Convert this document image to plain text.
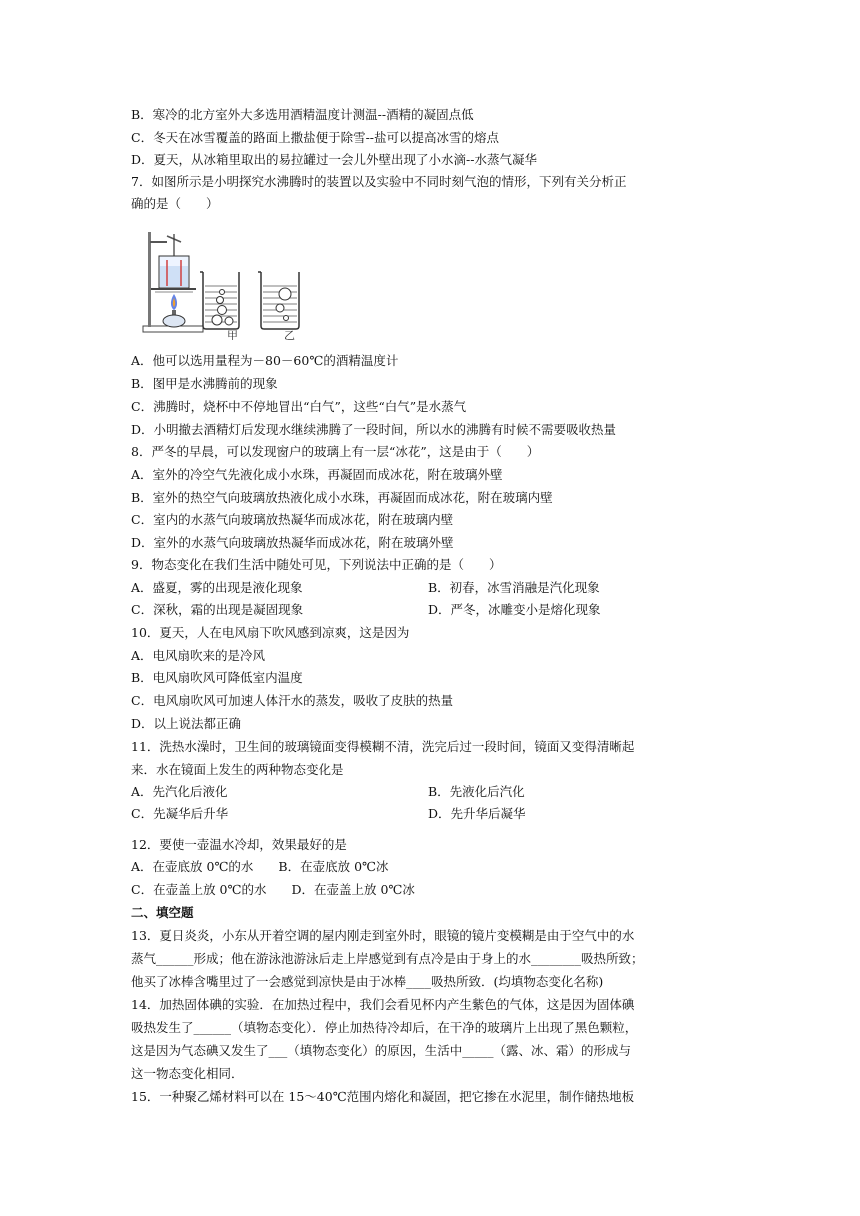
B．寒冷的北方室外大多选用酒精温度计测温--酒精的凝固点低
C．冬天在冰雪覆盖的路面上撒盐便于除雪--盐可以提高冰雪的熔点
D．夏天，从冰箱里取出的易拉罐过一会儿外壁出现了小水滴--水蒸气凝华
7．如图所示是小明探究水沸腾时的装置以及实验中不同时刻气泡的情形，下列有关分析正
确的是（　　）
甲	乙
A．他可以选用量程为－80－60℃的酒精温度计
B．图甲是水沸腾前的现象
C．沸腾时，烧杯中不停地冒出“白气”，这些“白气”是水蒸气
D．小明撤去酒精灯后发现水继续沸腾了一段时间，所以水的沸腾有时候不需要吸收热量
8．严冬的早晨，可以发现窗户的玻璃上有一层“冰花”，这是由于（　　）
A．室外的冷空气先液化成小水珠，再凝固而成冰花，附在玻璃外壁
B．室外的热空气向玻璃放热液化成小水珠，再凝固而成冰花，附在玻璃内壁
C．室内的水蒸气向玻璃放热凝华而成冰花，附在玻璃内壁
D．室外的水蒸气向玻璃放热凝华而成冰花，附在玻璃外壁
9．物态变化在我们生活中随处可见，下列说法中正确的是（　　）
A．盛夏，雾的出现是液化现象	B．初春，冰雪消融是汽化现象
C．深秋，霜的出现是凝固现象	D．严冬，冰雕变小是熔化现象
10．夏天，人在电风扇下吹风感到凉爽，这是因为
A．电风扇吹来的是冷风
B．电风扇吹风可降低室内温度
C．电风扇吹风可加速人体汗水的蒸发，吸收了皮肤的热量
D．以上说法都正确
11．洗热水澡时，卫生间的玻璃镜面变得模糊不清，洗完后过一段时间，镜面又变得清晰起
来．水在镜面上发生的两种物态变化是
A．先汽化后液化	B．先液化后汽化
C．先凝华后升华	D．先升华后凝华
12．要使一壶温水冷却，效果最好的是
A．在壶底放 0℃的水　　B．在壶底放 0℃冰
C．在壶盖上放 0℃的水　　D．在壶盖上放 0℃冰
二、填空题
13．夏日炎炎，小东从开着空调的屋内刚走到室外时，眼镜的镜片变模糊是由于空气中的水
蒸气______形成；他在游泳池游泳后走上岸感觉到有点冷是由于身上的水________吸热所致；
他买了冰棒含嘴里过了一会感觉到凉快是由于冰棒____吸热所致．(均填物态变化名称)
14．加热固体碘的实验．在加热过程中，我们会看见杯内产生紫色的气体，这是因为固体碘
吸热发生了______（填物态变化）．停止加热待冷却后，在干净的玻璃片上出现了黑色颗粒，
这是因为气态碘又发生了___（填物态变化）的原因，生活中_____（露、冰、霜）的形成与
这一物态变化相同．
15．一种聚乙烯材料可以在 15～40℃范围内熔化和凝固，把它掺在水泥里，制作储热地板
